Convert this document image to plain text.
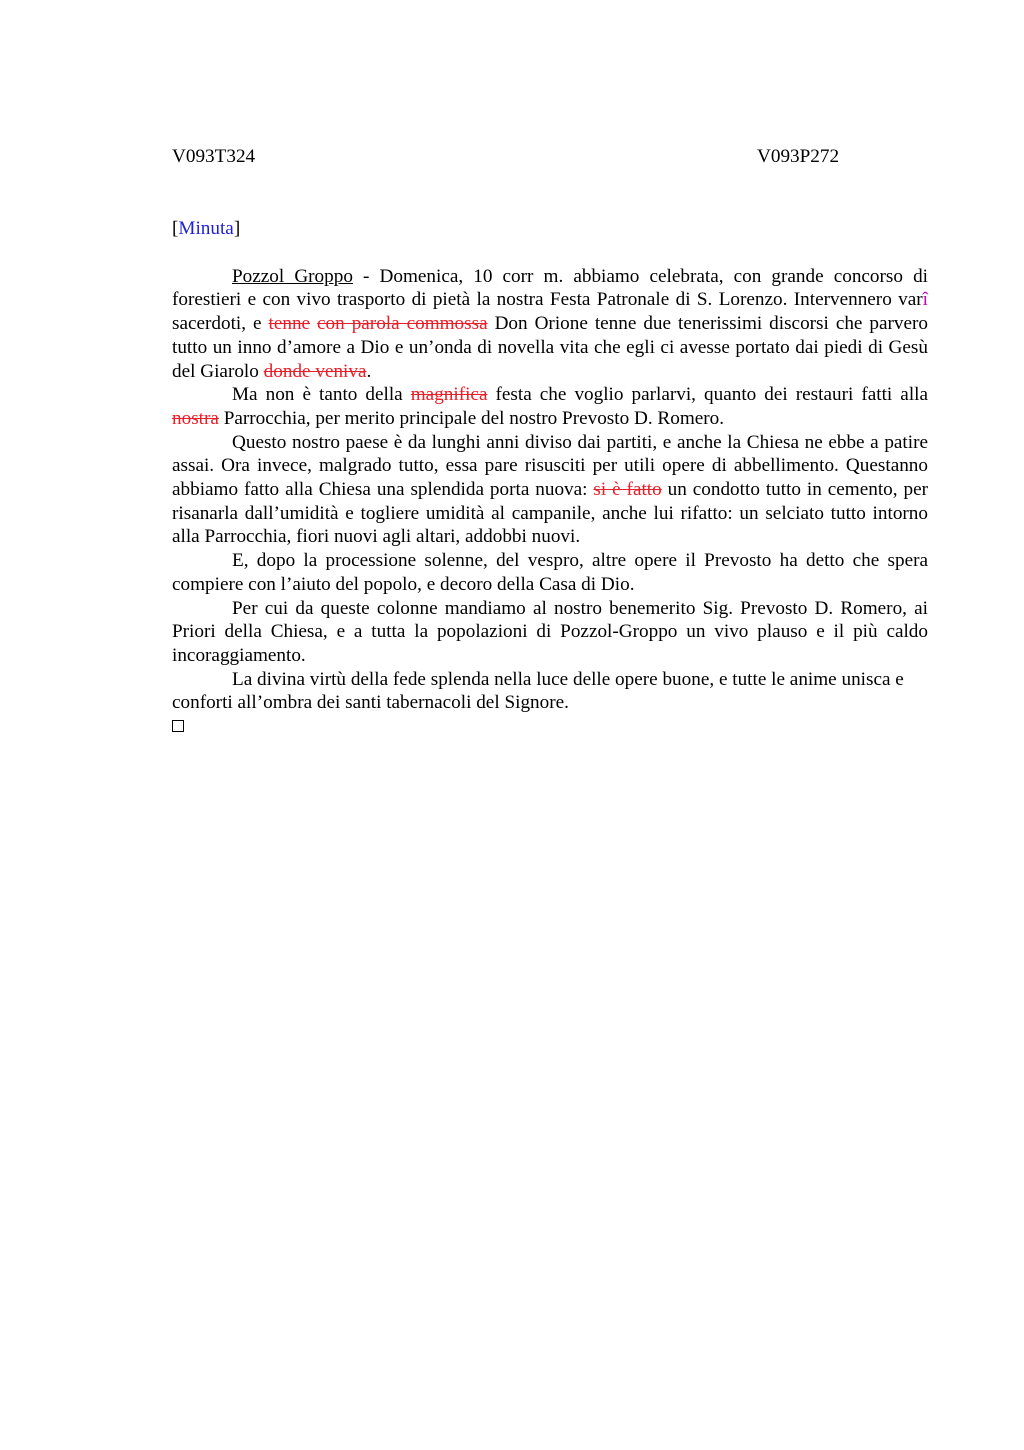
V093T324	V093P272
[Minuta]

Pozzol Groppo - Domenica, 10 corr m. abbiamo celebrata, con grande concorso di forestieri e con vivo trasporto di pietà la nostra Festa Patronale di S. Lorenzo. Intervennero varî sacerdoti, e tenne con parola commossa Don Orione tenne due tenerissimi discorsi che parvero tutto un inno d’amore a Dio e un’onda di novella vita che egli ci avesse portato dai piedi di Gesù del Giarolo donde veniva.

Ma non è tanto della magnifica festa che voglio parlarvi, quanto dei restauri fatti alla nostra Parrocchia, per merito principale del nostro Prevosto D. Romero.

Questo nostro paese è da lunghi anni diviso dai partiti, e anche la Chiesa ne ebbe a patire assai. Ora invece, malgrado tutto, essa pare risusciti per utili opere di abbellimento. Questanno abbiamo fatto alla Chiesa una splendida porta nuova: si è fatto un condotto tutto in cemento, per risanarla dall’umidità e togliere umidità al campanile, anche lui rifatto: un selciato tutto intorno alla Parrocchia, fiori nuovi agli altari, addobbi nuovi.

E, dopo la processione solenne, del vespro, altre opere il Prevosto ha detto che spera compiere con l’aiuto del popolo, e decoro della Casa di Dio.

Per cui da queste colonne mandiamo al nostro benemerito Sig. Prevosto D. Romero, ai Priori della Chiesa, e a tutta la popolazioni di Pozzol-Groppo un vivo plauso e il più caldo incoraggiamento.

La divina virtù della fede splenda nella luce delle opere buone, e tutte le anime unisca e conforti all’ombra dei santi tabernacoli del Signore.
